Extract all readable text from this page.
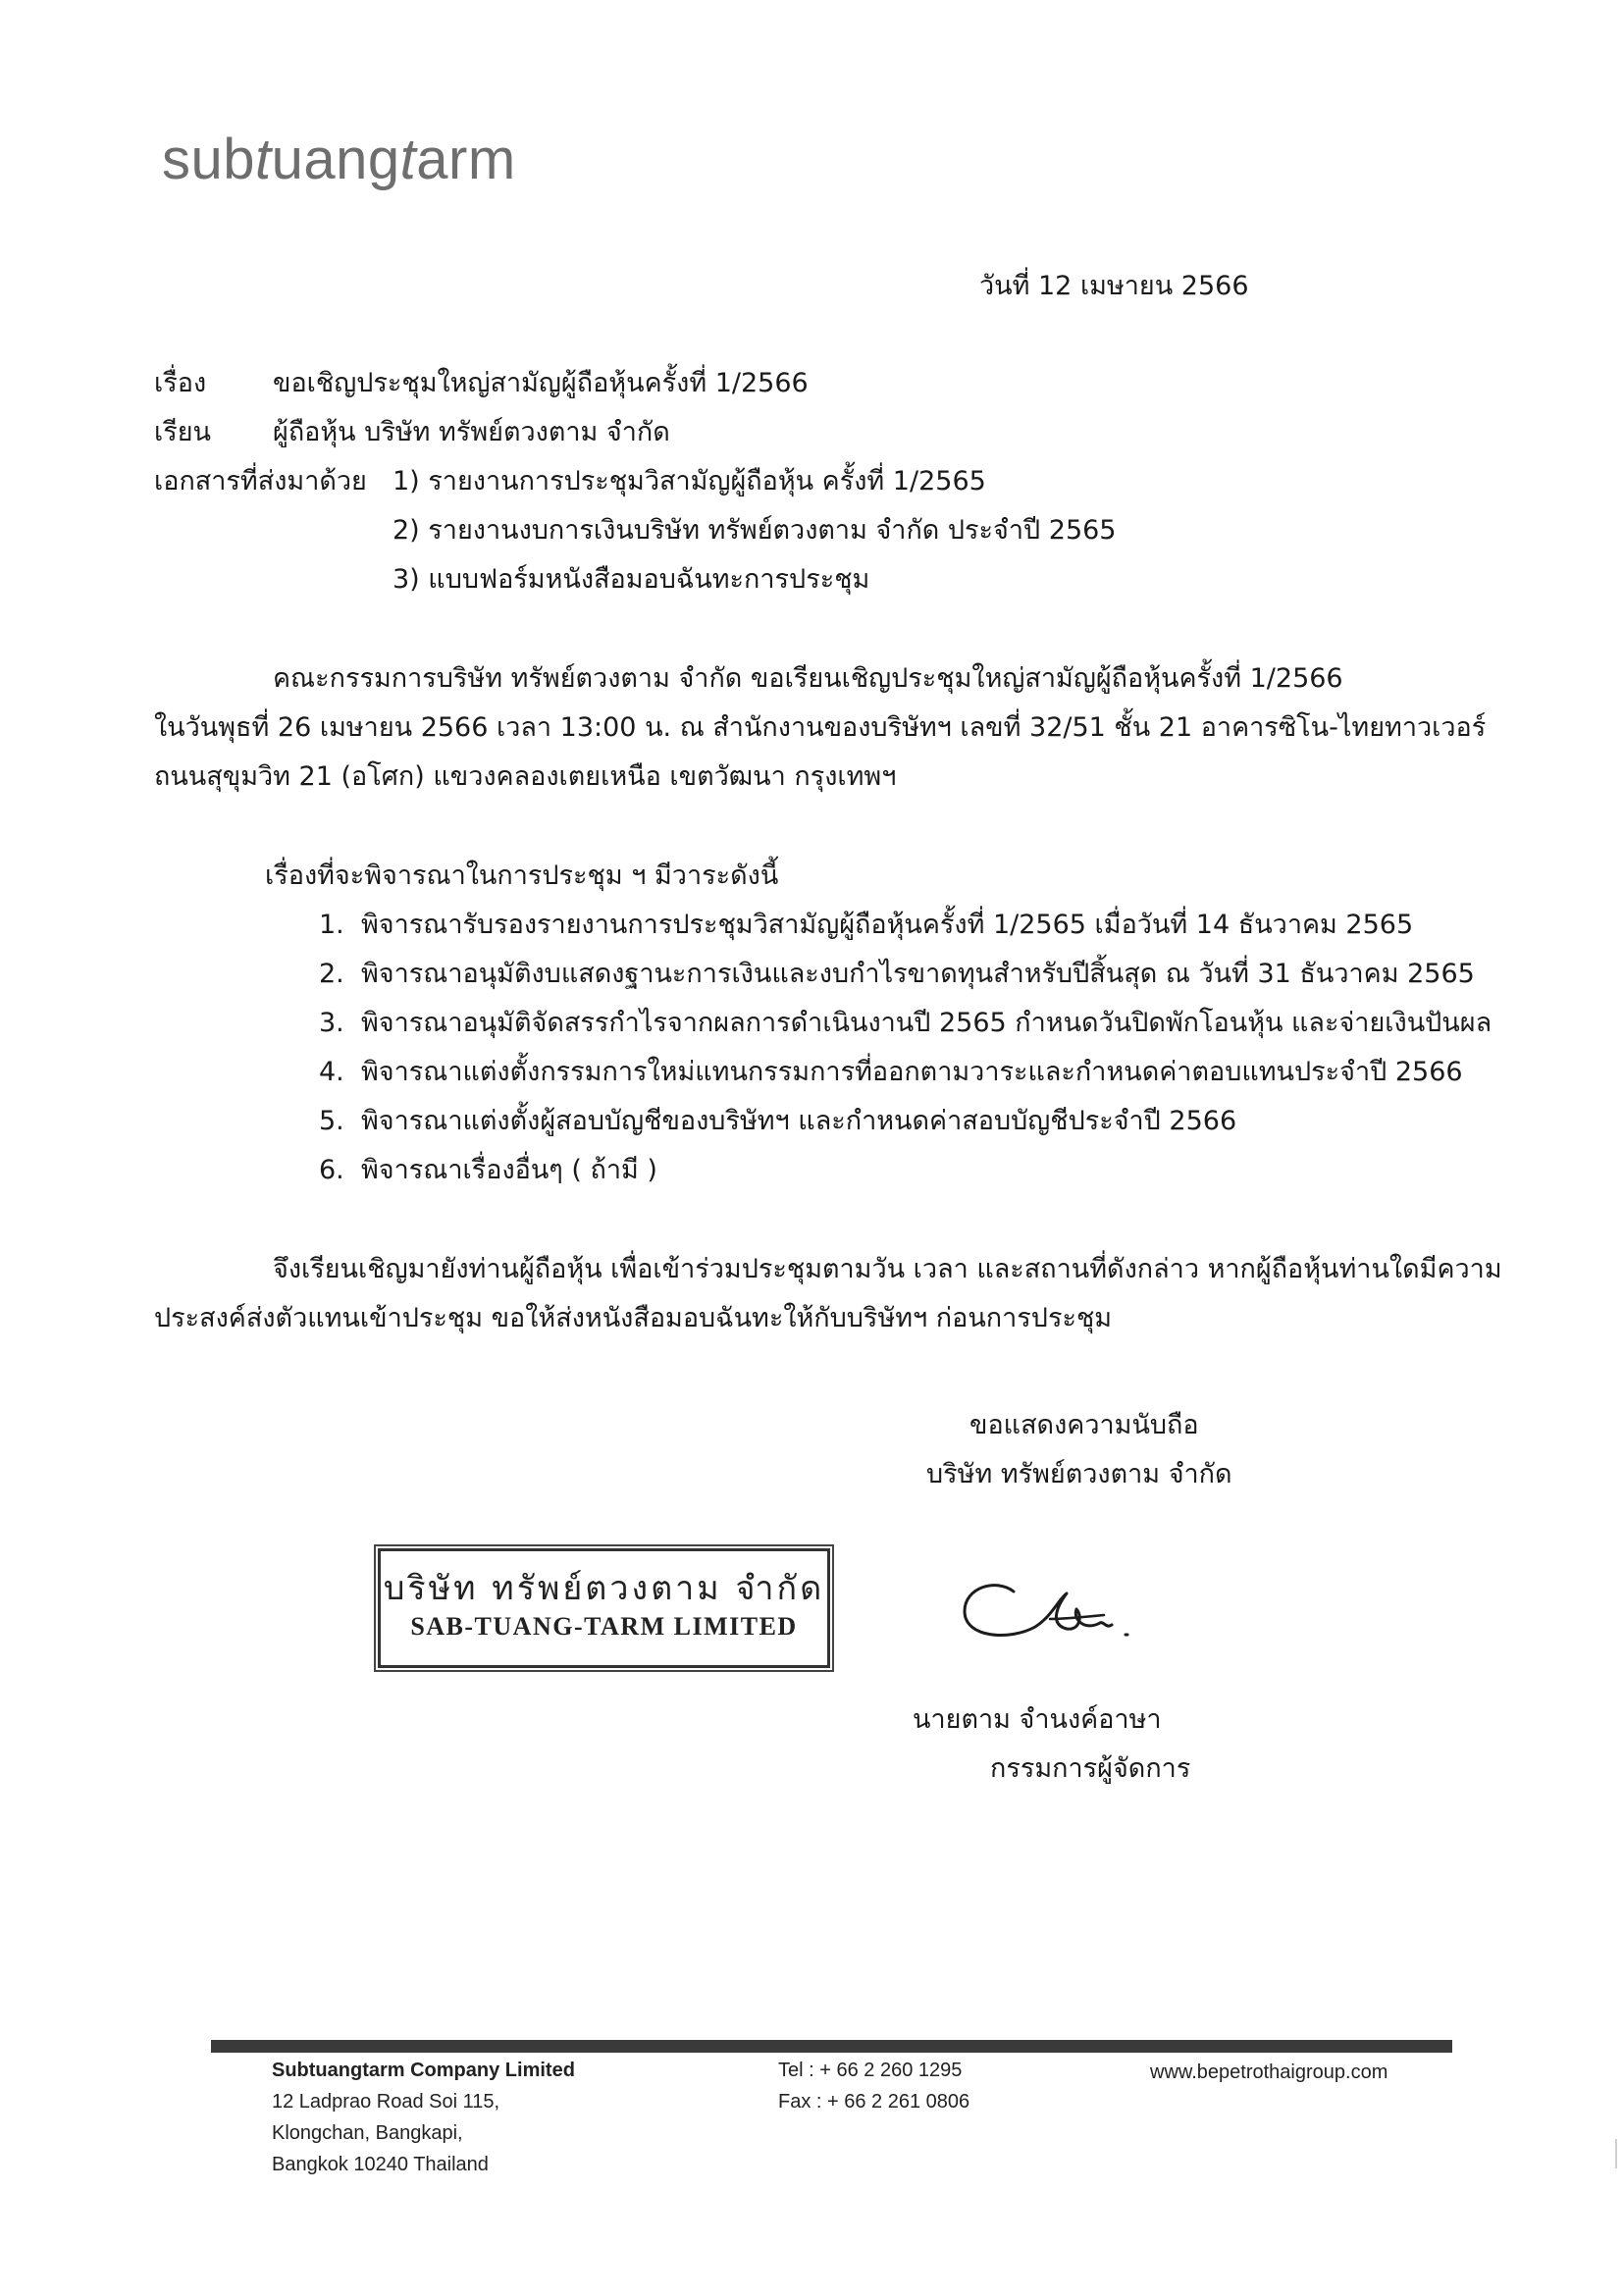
subtuangtarm
วันที่ 12 เมษายน 2566
เรื่อง	ขอเชิญประชุมใหญ่สามัญผู้ถือหุ้นครั้งที่ 1/2566
เรียน ผู้ถือหุ้น บริษัท ทรัพย์ตวงตาม จำกัด
เอกสารที่ส่งมาด้วย 1) รายงานการประชุมวิสามัญผู้ถือหุ้น ครั้งที่ 1/2565
2) รายงานงบการเงินบริษัท ทรัพย์ตวงตาม จำกัด ประจำปี 2565
3) แบบฟอร์มหนังสือมอบฉันทะการประชุม
คณะกรรมการบริษัท ทรัพย์ตวงตาม จำกัด ขอเรียนเชิญประชุมใหญ่สามัญผู้ถือหุ้นครั้งที่ 1/2566
ในวันพุธที่ 26 เมษายน 2566 เวลา 13:00 น. ณ สำนักงานของบริษัทฯ เลขที่ 32/51 ชั้น 21 อาคารซิโน-ไทยทาวเวอร์
ถนนสุขุมวิท 21 (อโศก) แขวงคลองเตยเหนือ เขตวัฒนา กรุงเทพฯ
เรื่องที่จะพิจารณาในการประชุม ฯ มีวาระดังนี้
1. พิจารณารับรองรายงานการประชุมวิสามัญผู้ถือหุ้นครั้งที่ 1/2565 เมื่อวันที่ 14 ธันวาคม 2565
2. พิจารณาอนุมัติงบแสดงฐานะการเงินและงบกำไรขาดทุนสำหรับปีสิ้นสุด ณ วันที่ 31 ธันวาคม 2565
3. พิจารณาอนุมัติจัดสรรกำไรจากผลการดำเนินงานปี 2565 กำหนดวันปิดพักโอนหุ้น และจ่ายเงินปันผล
4. พิจารณาแต่งตั้งกรรมการใหม่แทนกรรมการที่ออกตามวาระและกำหนดค่าตอบแทนประจำปี 2566
5. พิจารณาแต่งตั้งผู้สอบบัญชีของบริษัทฯ และกำหนดค่าสอบบัญชีประจำปี 2566
6. พิจารณาเรื่องอื่นๆ ( ถ้ามี )
จึงเรียนเชิญมายังท่านผู้ถือหุ้น เพื่อเข้าร่วมประชุมตามวัน เวลา และสถานที่ดังกล่าว หากผู้ถือหุ้นท่านใดมีความ
ประสงค์ส่งตัวแทนเข้าประชุม ขอให้ส่งหนังสือมอบฉันทะให้กับบริษัทฯ ก่อนการประชุม
ขอแสดงความนับถือ
บริษัท ทรัพย์ตวงตาม จำกัด
บริษัท ทรัพย์ตวงตาม จำกัด
SAB-TUANG-TARM LIMITED
นายตาม จำนงค์อาษา
กรรมการผู้จัดการ
Subtuangtarm Company Limited
12 Ladprao Road Soi 115,
Klongchan, Bangkapi,
Bangkok 10240 Thailand
Tel : + 66 2 260 1295
Fax : + 66 2 261 0806
www.bepetrothaigroup.com
